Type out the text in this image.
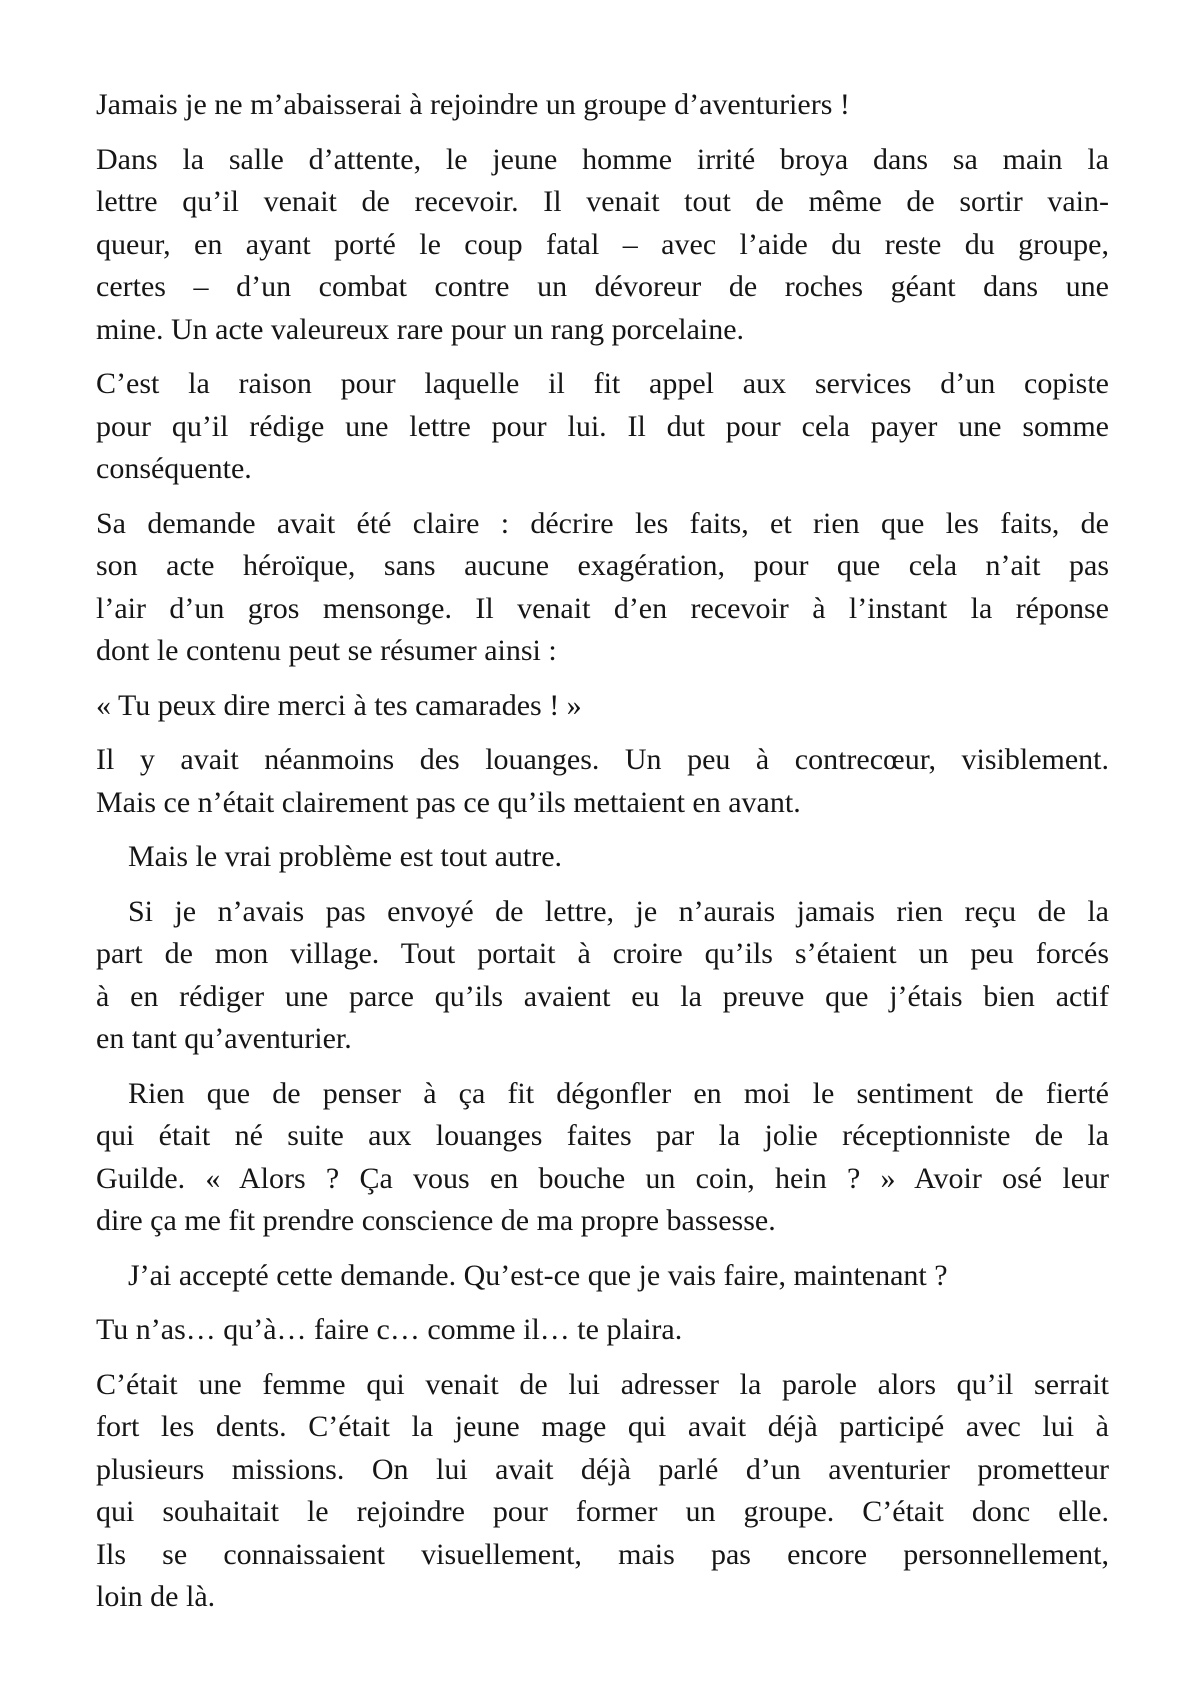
Jamais je ne m’abaisserai à rejoindre un groupe d’aventuriers !
Dans la salle d’attente, le jeune homme irrité broya dans sa main la
lettre qu’il venait de recevoir. Il venait tout de même de sortir vain-
queur, en ayant porté le coup fatal – avec l’aide du reste du groupe,
certes – d’un combat contre un dévoreur de roches géant dans une
mine. Un acte valeureux rare pour un rang porcelaine.
C’est la raison pour laquelle il fit appel aux services d’un copiste
pour qu’il rédige une lettre pour lui. Il dut pour cela payer une somme
conséquente.
Sa demande avait été claire : décrire les faits, et rien que les faits, de
son acte héroïque, sans aucune exagération, pour que cela n’ait pas
l’air d’un gros mensonge. Il venait d’en recevoir à l’instant la réponse
dont le contenu peut se résumer ainsi :
« Tu peux dire merci à tes camarades ! »
Il y avait néanmoins des louanges. Un peu à contrecœur, visiblement.
Mais ce n’était clairement pas ce qu’ils mettaient en avant.
Mais le vrai problème est tout autre.
Si je n’avais pas envoyé de lettre, je n’aurais jamais rien reçu de la
part de mon village. Tout portait à croire qu’ils s’étaient un peu forcés
à en rédiger une parce qu’ils avaient eu la preuve que j’étais bien actif
en tant qu’aventurier.
Rien que de penser à ça fit dégonfler en moi le sentiment de fierté
qui était né suite aux louanges faites par la jolie réceptionniste de la
Guilde. « Alors ? Ça vous en bouche un coin, hein ? » Avoir osé leur
dire ça me fit prendre conscience de ma propre bassesse.
J’ai accepté cette demande. Qu’est-ce que je vais faire, maintenant ?
Tu n’as… qu’à… faire c… comme il… te plaira.
C’était une femme qui venait de lui adresser la parole alors qu’il serrait
fort les dents. C’était la jeune mage qui avait déjà participé avec lui à
plusieurs missions. On lui avait déjà parlé d’un aventurier prometteur
qui souhaitait le rejoindre pour former un groupe. C’était donc elle.
Ils se connaissaient visuellement, mais pas encore personnellement,
loin de là.
